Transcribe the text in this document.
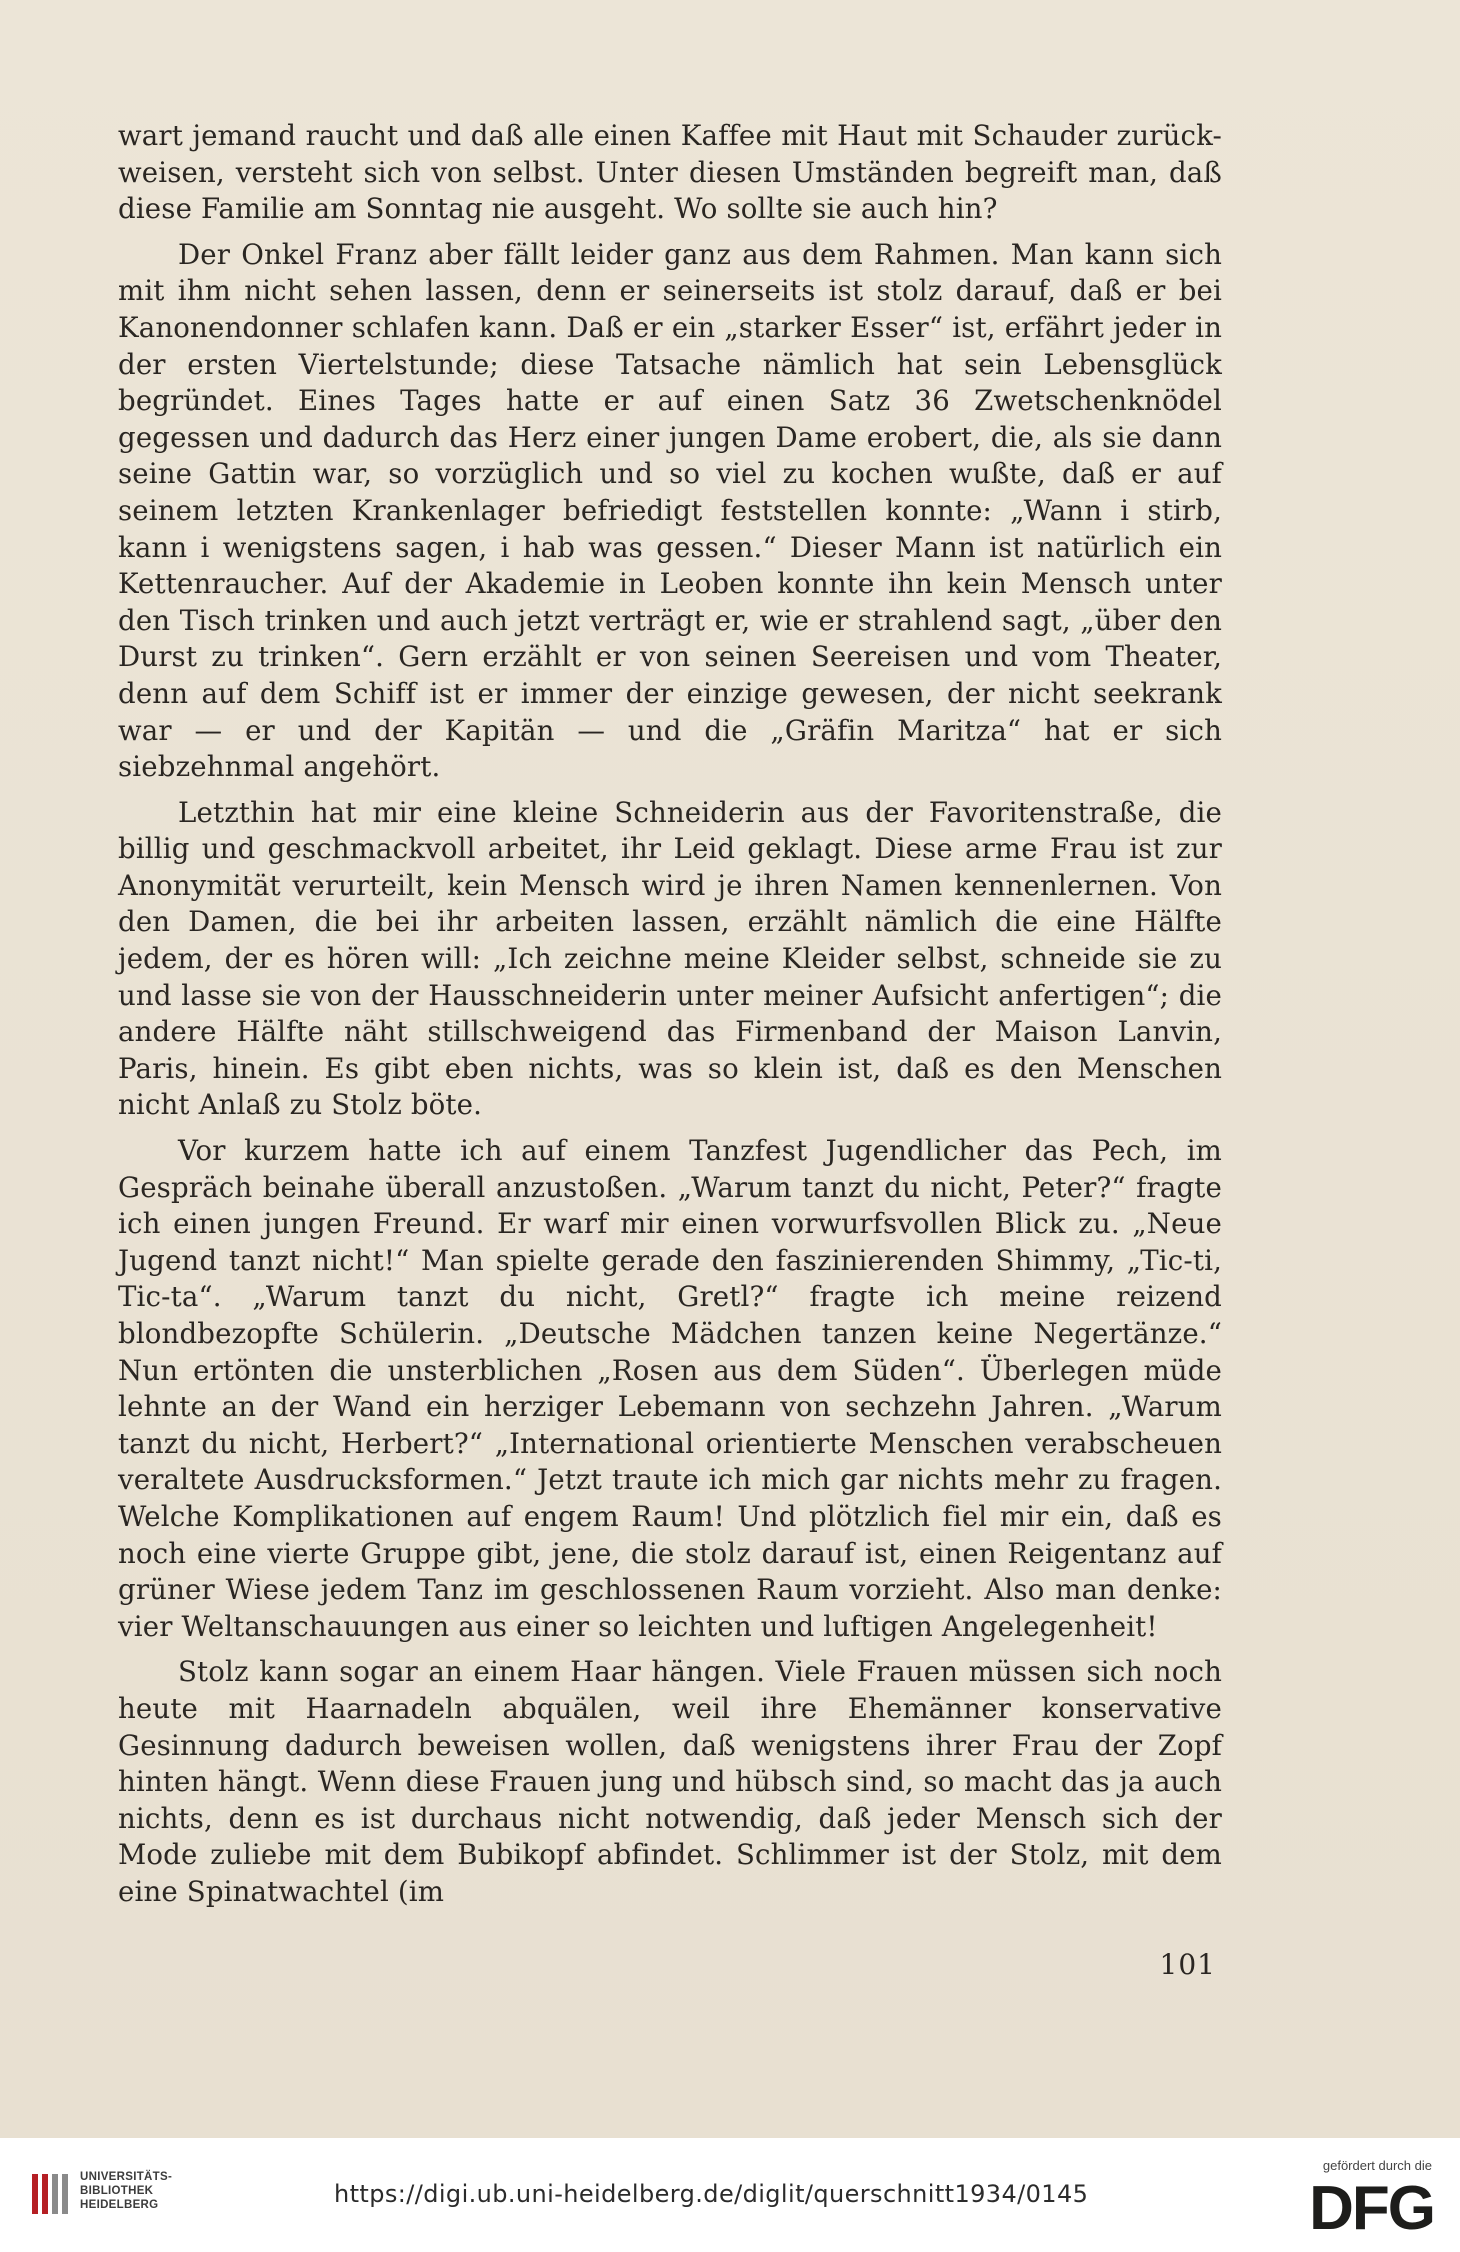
wart jemand raucht und daß alle einen Kaffee mit Haut mit Schauder zurück-weisen, versteht sich von selbst. Unter diesen Umständen begreift man, daß diese Familie am Sonntag nie ausgeht. Wo sollte sie auch hin?

Der Onkel Franz aber fällt leider ganz aus dem Rahmen. Man kann sich mit ihm nicht sehen lassen, denn er seinerseits ist stolz darauf, daß er bei Kanonendonner schlafen kann. Daß er ein „starker Esser“ ist, erfährt jeder in der ersten Viertelstunde; diese Tatsache nämlich hat sein Lebensglück begründet. Eines Tages hatte er auf einen Satz 36 Zwetschenknödel gegessen und dadurch das Herz einer jungen Dame erobert, die, als sie dann seine Gattin war, so vorzüglich und so viel zu kochen wußte, daß er auf seinem letzten Krankenlager befriedigt feststellen konnte: „Wann i stirb, kann i wenigstens sagen, i hab was gessen.“ Dieser Mann ist natürlich ein Kettenraucher. Auf der Akademie in Leoben konnte ihn kein Mensch unter den Tisch trinken und auch jetzt verträgt er, wie er strahlend sagt, „über den Durst zu trinken“. Gern erzählt er von seinen Seereisen und vom Theater, denn auf dem Schiff ist er immer der einzige gewesen, der nicht seekrank war — er und der Kapitän — und die „Gräfin Maritza“ hat er sich siebzehnmal angehört.

Letzthin hat mir eine kleine Schneiderin aus der Favoritenstraße, die billig und geschmackvoll arbeitet, ihr Leid geklagt. Diese arme Frau ist zur Anonymität verurteilt, kein Mensch wird je ihren Namen kennenlernen. Von den Damen, die bei ihr arbeiten lassen, erzählt nämlich die eine Hälfte jedem, der es hören will: „Ich zeichne meine Kleider selbst, schneide sie zu und lasse sie von der Hausschneiderin unter meiner Aufsicht anfertigen“; die andere Hälfte näht stillschweigend das Firmenband der Maison Lanvin, Paris, hinein. Es gibt eben nichts, was so klein ist, daß es den Menschen nicht Anlaß zu Stolz böte.

Vor kurzem hatte ich auf einem Tanzfest Jugendlicher das Pech, im Gespräch beinahe überall anzustoßen. „Warum tanzt du nicht, Peter?“ fragte ich einen jungen Freund. Er warf mir einen vorwurfsvollen Blick zu. „Neue Jugend tanzt nicht!“ Man spielte gerade den faszinierenden Shimmy, „Tic-ti, Tic-ta“. „Warum tanzt du nicht, Gretl?“ fragte ich meine reizend blondbezopfte Schülerin. „Deutsche Mädchen tanzen keine Negertänze.“ Nun ertönten die unsterblichen „Rosen aus dem Süden“. Überlegen müde lehnte an der Wand ein herziger Lebemann von sechzehn Jahren. „Warum tanzt du nicht, Herbert?“ „International orientierte Menschen verabscheuen veraltete Ausdrucksformen.“ Jetzt traute ich mich gar nichts mehr zu fragen. Welche Komplikationen auf engem Raum! Und plötzlich fiel mir ein, daß es noch eine vierte Gruppe gibt, jene, die stolz darauf ist, einen Reigentanz auf grüner Wiese jedem Tanz im geschlossenen Raum vorzieht. Also man denke: vier Weltanschauungen aus einer so leichten und luftigen Angelegenheit!

Stolz kann sogar an einem Haar hängen. Viele Frauen müssen sich noch heute mit Haarnadeln abquälen, weil ihre Ehemänner konservative Gesinnung dadurch beweisen wollen, daß wenigstens ihrer Frau der Zopf hinten hängt. Wenn diese Frauen jung und hübsch sind, so macht das ja auch nichts, denn es ist durchaus nicht notwendig, daß jeder Mensch sich der Mode zuliebe mit dem Bubikopf abfindet. Schlimmer ist der Stolz, mit dem eine Spinatwachtel (im

101
UNIVERSITÄTS-
BIBLIOTHEK
HEIDELBERG	https://digi.ub.uni-heidelberg.de/diglit/querschnitt1934/0145
gefördert durch die
DFG
